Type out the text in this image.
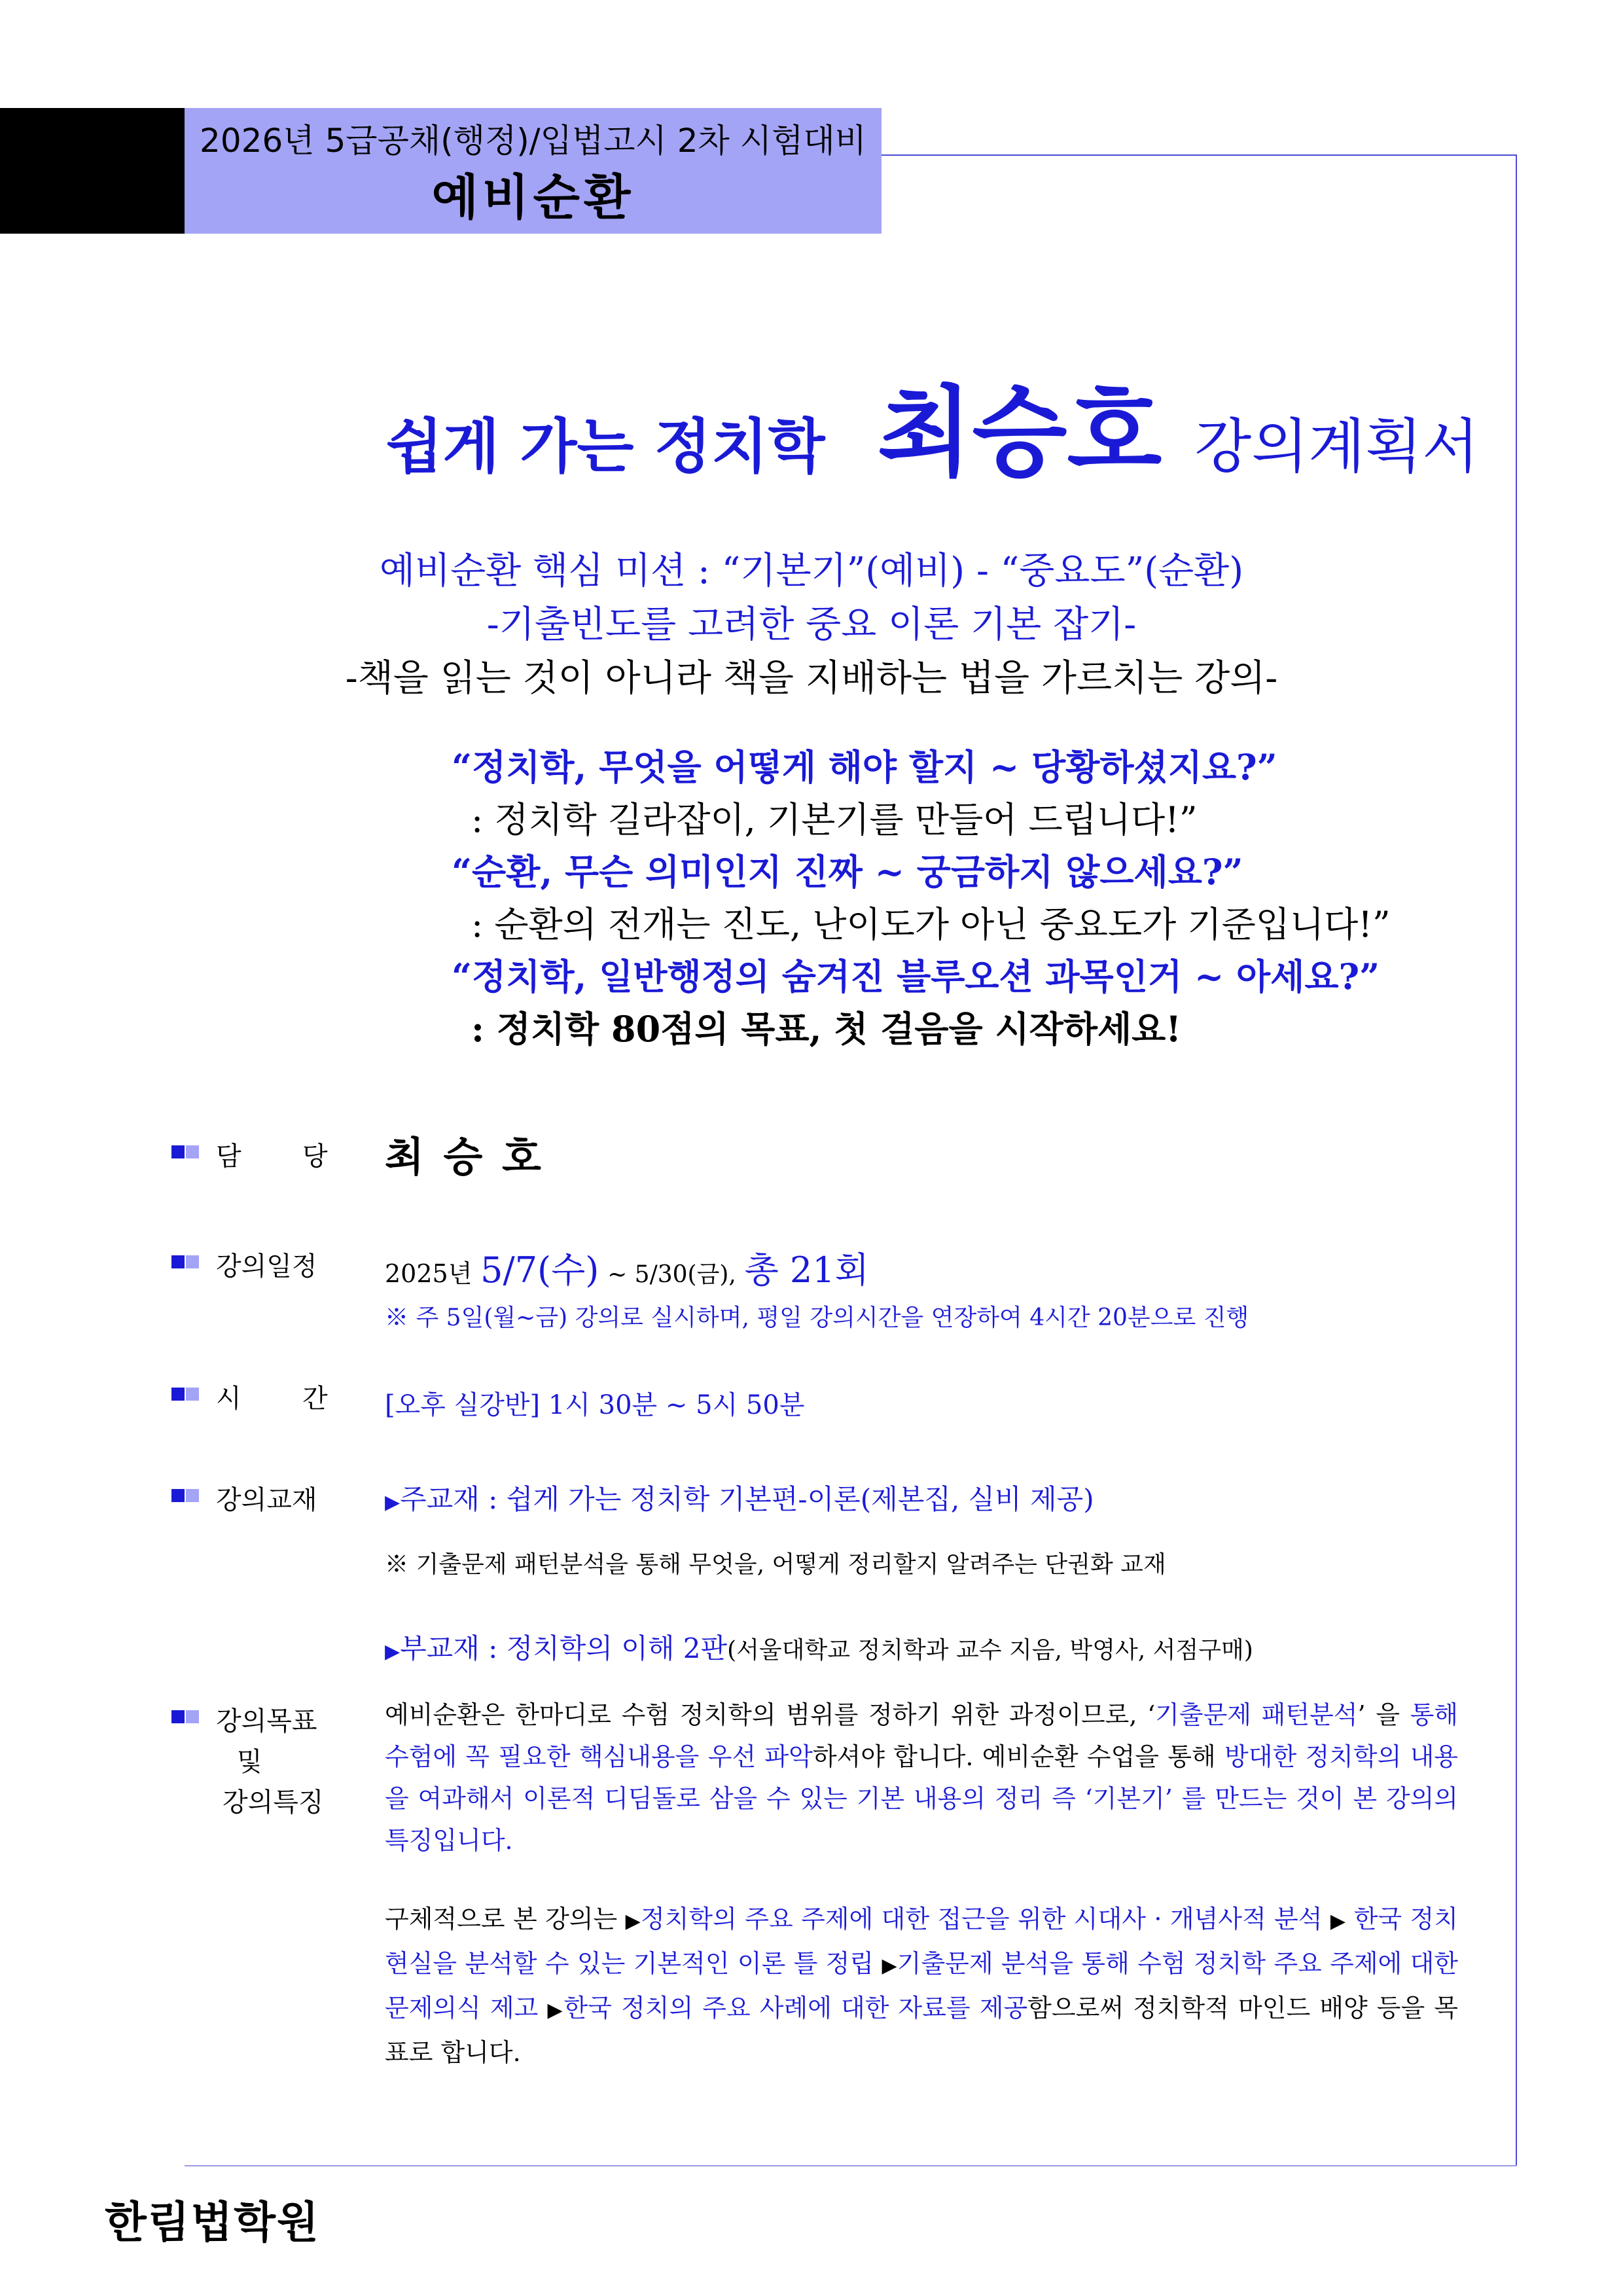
2026년 5급공채(행정)/입법고시 2차 시험대비
예비순환
쉽게 가는 정치학 최승호 강의계획서
예비순환 핵심 미션 : “기본기”(예비) - “중요도”(순환)
-기출빈도를 고려한 중요 이론 기본 잡기-
-책을 읽는 것이 아니라 책을 지배하는 법을 가르치는 강의-
“정치학, 무엇을 어떻게 해야 할지 ~ 당황하셨지요?”
: 정치학 길라잡이, 기본기를 만들어 드립니다!”
“순환, 무슨 의미인지 진짜 ~ 궁금하지 않으세요?”
: 순환의 전개는 진도, 난이도가 아닌 중요도가 기준입니다!”
“정치학, 일반행정의 숨겨진 블루오션 과목인거 ~ 아세요?”
: 정치학 80점의 목표, 첫 걸음을 시작하세요!
담 당 최 승 호
강의일정	2025년 5/7(수) ~ 5/30(금), 총 21회
※ 주 5일(월~금) 강의로 실시하며, 평일 강의시간을 연장하여 4시간 20분으로 진행
시 간 [오후 실강반] 1시 30분 ~ 5시 50분
강의교재	▶주교재 : 쉽게 가는 정치학 기본편-이론(제본집, 실비 제공)
※ 기출문제 패턴분석을 통해 무엇을, 어떻게 정리할지 알려주는 단권화 교재
▶부교재 : 정치학의 이해 2판(서울대학교 정치학과 교수 지음, 박영사, 서점구매)
강의목표
및
강의특징
예비순환은 한마디로 수험 정치학의 범위를 정하기 위한 과정이므로, ‘기출문제 패턴분석’ 을 통해 수험에 꼭 필요한 핵심내용을 우선 파악하셔야 합니다. 예비순환 수업을 통해 방대한 정치학의 내용을 여과해서 이론적 디딤돌로 삼을 수 있는 기본 내용의 정리 즉 ‘기본기’ 를 만드는 것이 본 강의의 특징입니다.
구체적으로 본 강의는 ▶정치학의 주요 주제에 대한 접근을 위한 시대사 · 개념사적 분석 ▶ 한국 정치 현실을 분석할 수 있는 기본적인 이론 틀 정립 ▶기출문제 분석을 통해 수험 정치학 주요 주제에 대한 문제의식 제고 ▶한국 정치의 주요 사례에 대한 자료를 제공함으로써 정치학적 마인드 배양 등을 목표로 합니다.
한림법학원
